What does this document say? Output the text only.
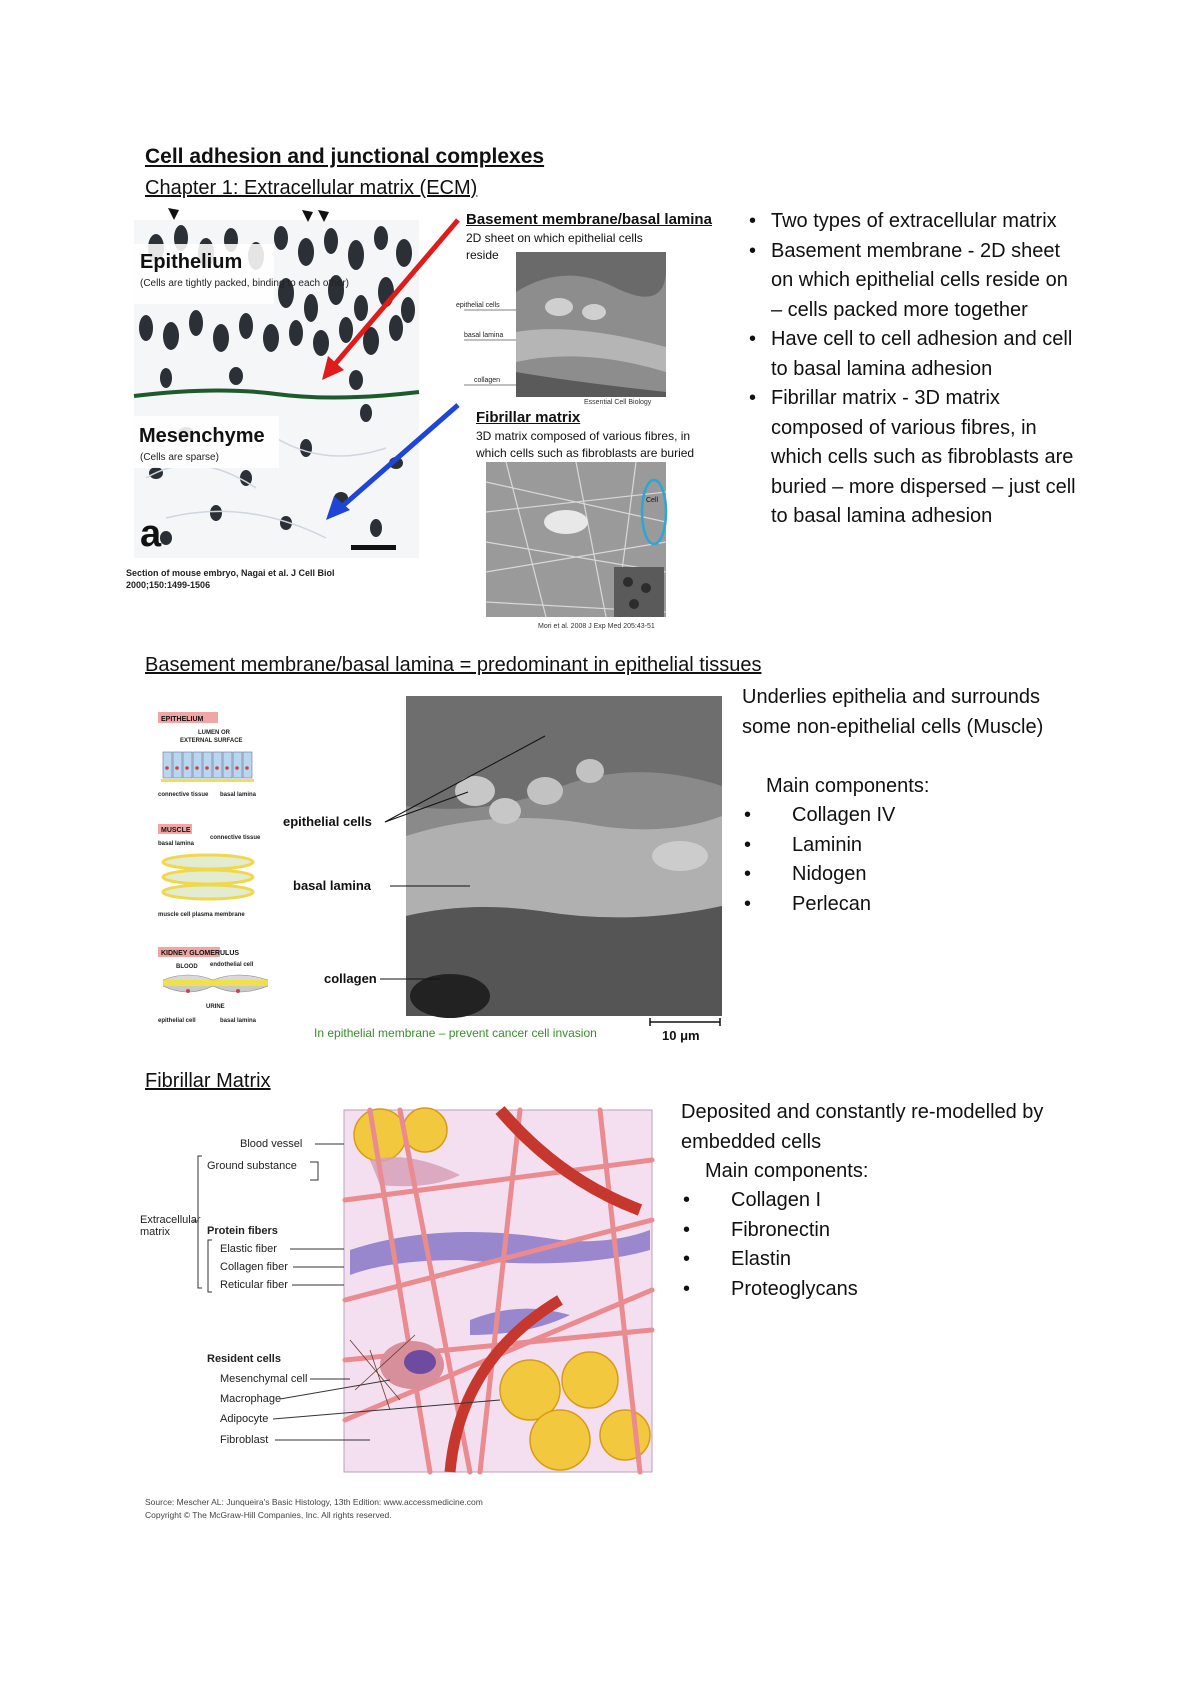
Cell adhesion and junctional complexes
Chapter 1: Extracellular matrix (ECM)
Epithelium
(Cells are tightly packed, binding to each other)
Mesenchyme
(Cells are sparse)
a
Section of mouse embryo, Nagai et al. J Cell Biol
2000;150:1499-1506
Basement membrane/basal lamina
2D sheet on which epithelial cells
reside
epithelial cells
basal lamina
collagen
Essential Cell Biology
Fibrillar matrix
3D matrix composed of various fibres, in
which cells such as fibroblasts are buried
Cell
Mori et al. 2008 J Exp Med 205:43-51
• Two types of extracellular matrix
• Basement membrane - 2D sheet on which epithelial cells reside on – cells packed more together
• Have cell to cell adhesion and cell to basal lamina adhesion
• Fibrillar matrix - 3D matrix composed of various fibres, in which cells such as fibroblasts are buried – more dispersed – just cell to basal lamina adhesion
Basement membrane/basal lamina = predominant in epithelial tissues
EPITHELIUM
LUMEN OR
EXTERNAL SURFACE
connective tissue basal lamina
MUSCLE
basal lamina
connective tissue
muscle cell plasma membrane
KIDNEY GLOMERULUS
BLOOD endothelial cell
URINE
epithelial cell	basal lamina
epithelial cells
basal lamina
collagen
In epithelial membrane – prevent cancer cell invasion	10 μm
Underlies epithelia and surrounds some non-epithelial cells (Muscle)
Main components:
• Collagen IV
• Laminin
• Nidogen
• Perlecan
Fibrillar Matrix
Blood vessel
Ground substance
Extracellular
matrix	Protein fibers
Elastic fiber
Collagen fiber
Reticular fiber
Resident cells
Mesenchymal cell
Macrophage
Adipocyte
Fibroblast
Source: Mescher AL: Junqueira's Basic Histology, 13th Edition: www.accessmedicine.com
Copyright © The McGraw-Hill Companies, Inc. All rights reserved.
Deposited and constantly re-modelled by embedded cells
Main components:
• Collagen I
• Fibronectin
• Elastin
• Proteoglycans
